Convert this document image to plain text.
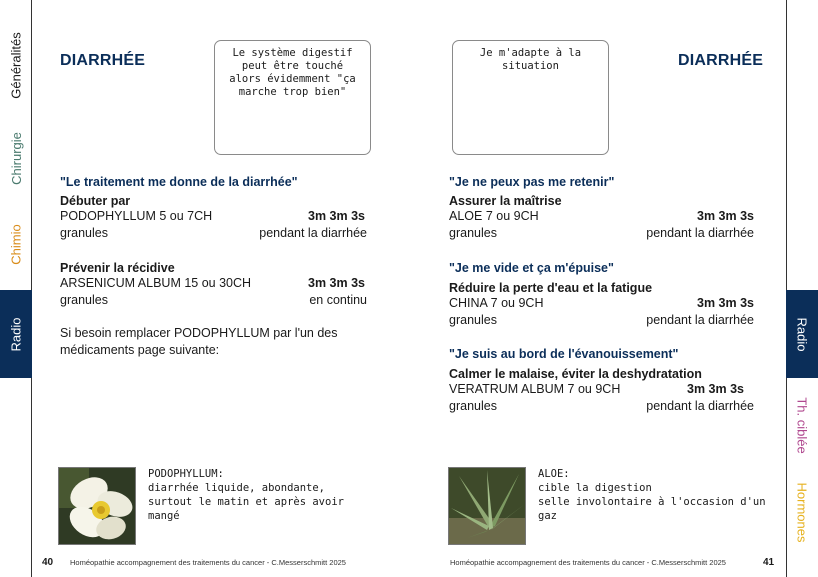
Généralités
Chirurgie
Chimio
Radio	Radio
Th. ciblée
Hormones
DIARRHÉE	Le système digestif peut être touché alors évidemment "ça marche trop bien"

"Le traitement me donne de la diarrhée"
Débuter par
PODOPHYLLUM 5 ou 7CH	3m 3m 3s
granules	pendant la diarrhée
Prévenir la récidive
ARSENICUM ALBUM 15 ou 30CH	3m 3m 3s
granules	en continu
Si besoin remplacer PODOPHYLLUM par l'un des
médicaments page suivante:

PODOPHYLLUM:

diarrhée liquide, abondante,

surtout le matin et après avoir

mangé

40 Homéopathie accompagnement des traitements du cancer - C.Messerschmitt 2025
DIARRHÉE

Je m'adapte à la situation

"Je ne peux pas me retenir"
Assurer la maîtrise
ALOE 7 ou 9CH	3m 3m 3s
granules	pendant la diarrhée
"Je me vide et ça m'épuise"
Réduire la perte d'eau et la fatigue
CHINA 7 ou 9CH	3m 3m 3s
granules	pendant la diarrhée
"Je suis au bord de l'évanouissement"
Calmer le malaise, éviter la deshydratation
VERATRUM ALBUM 7 ou 9CH	3m 3m 3s
granules	pendant la diarrhée

ALOE:

cible la digestion

selle involontaire à l'occasion d'un

gaz

Homéopathie accompagnement des traitements du cancer - C.Messerschmitt 2025	41
